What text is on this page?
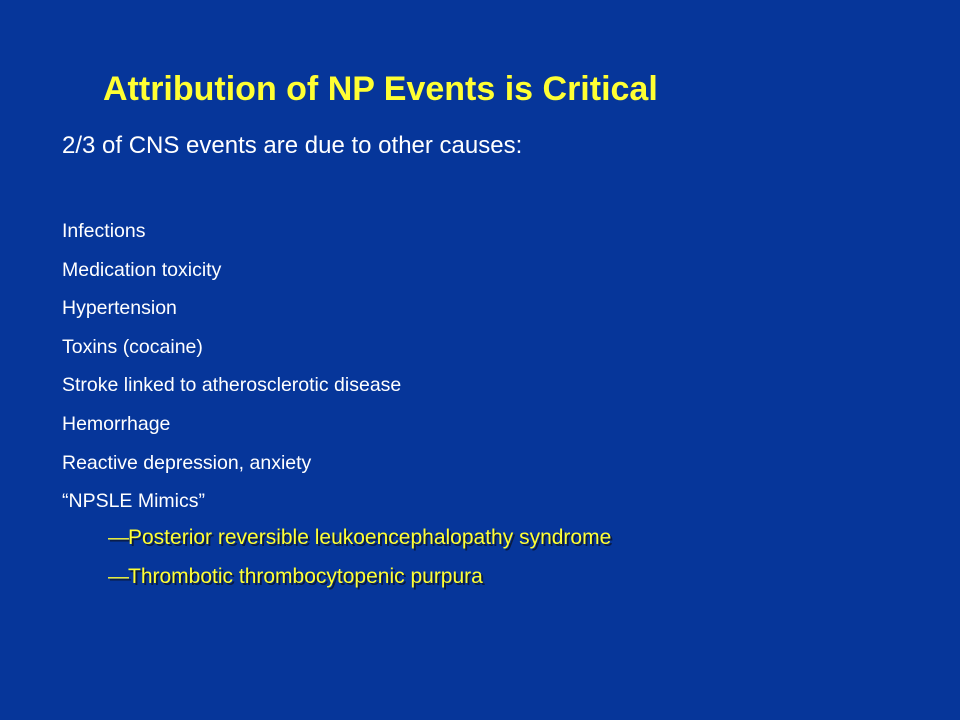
Attribution of NP Events is Critical
2/3 of CNS events are due to other causes:
Infections
Medication toxicity
Hypertension
Toxins (cocaine)
Stroke linked to atherosclerotic disease
Hemorrhage
Reactive depression, anxiety
“NPSLE Mimics”
—Posterior reversible leukoencephalopathy syndrome
—Thrombotic thrombocytopenic purpura
